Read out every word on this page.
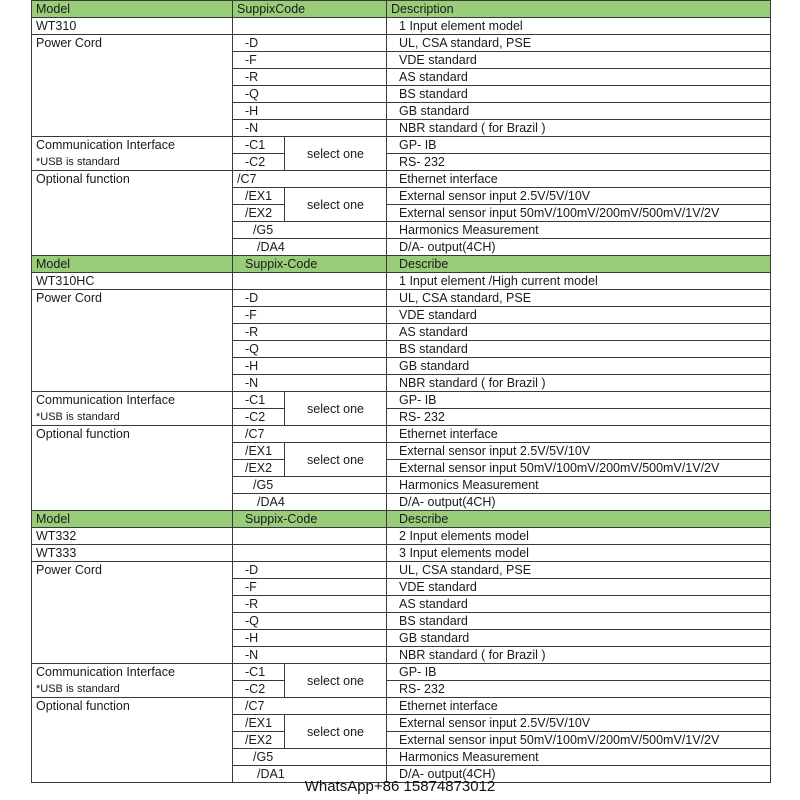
Model	SuppixCode		Description
WT310			1 Input element model
Power Cord	-D		UL, CSA standard, PSE
	-F		VDE standard
	-R		AS standard
	-Q		BS standard
	-H		GB standard
	-N		NBR standard ( for Brazil )
Communication Interface	-C1	select one	GP- IB
*USB is standard	-C2		RS- 232
Optional function	/C7		Ethernet interface
	/EX1	select one	External sensor input 2.5V/5V/10V
	/EX2		External sensor input 50mV/100mV/200mV/500mV/1V/2V
	/G5		Harmonics Measurement
	/DA4		D/A- output(4CH)
Model	Suppix-Code		Describe
WT310HC			1 Input element /High current model
Power Cord	-D		UL, CSA standard, PSE
	-F		VDE standard
	-R		AS standard
	-Q		BS standard
	-H		GB standard
	-N		NBR standard ( for Brazil )
Communication Interface	-C1	select one	GP- IB
*USB is standard	-C2		RS- 232
Optional function	/C7		Ethernet interface
	/EX1	select one	External sensor input 2.5V/5V/10V
	/EX2		External sensor input 50mV/100mV/200mV/500mV/1V/2V
	/G5		Harmonics Measurement
	/DA4		D/A- output(4CH)
Model	Suppix-Code		Describe
WT332			2 Input elements model
WT333			3 Input elements model
Power Cord	-D		UL, CSA standard, PSE
	-F		VDE standard
	-R		AS standard
	-Q		BS standard
	-H		GB standard
	-N		NBR standard ( for Brazil )
Communication Interface	-C1	select one	GP- IB
*USB is standard	-C2		RS- 232
Optional function	/C7		Ethernet interface
	/EX1	select one	External sensor input 2.5V/5V/10V
	/EX2		External sensor input 50mV/100mV/200mV/500mV/1V/2V
	/G5		Harmonics Measurement
	/DA1		D/A- output(4CH)
WhatsApp+86 15874873012
